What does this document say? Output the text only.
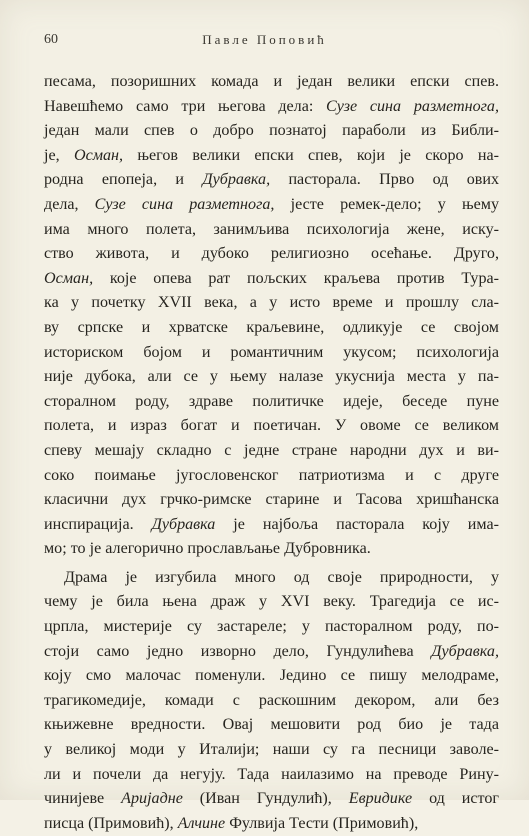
60	Павле Поповић
песама, позоришних комада и један велики епски спев.
Навешћемо само три његова дела: Сузе сина разметнога,
један мали спев о добро познатој параболи из Библи-
је, Осман, његов велики епски спев, који је скоро на-
родна епопеја, и Дубравка, пасторала. Прво од ових
дела, Сузе сина разметнога, јесте ремек-дело; у њему
има много полета, занимљива психологија жене, иску-
ство живота, и дубоко религиозно осећање. Друго,
Осман, које опева рат пољских краљева против Тура-
ка у почетку XVII века, а у исто време и прошлу сла-
ву српске и хрватске краљевине, одликује се својом
историском бојом и романтичним укусом; психологија
није дубока, али се у њему налазе укусниja места у па-
сторалном роду, здраве политичке идеје, беседе пуне
полета, и израз богат и поетичан. У овоме се великом
спеву мешају складно с једне стране народни дух и ви-
соко поимање југословенског патриотизма и с друге
класични дух грчко-римске старине и Тасова хришћанска
инспирација. Дубравка је најбоља пасторала коју има-
мо; то је алегорично прослављање Дубровника.
Драма је изгубила много од своје природности, у
чему је била њена драж у XVI веку. Трагедија се ис-
црпла, мистерије су застареле; у пасторалном роду, по-
стоји само једно изворно дело, Гундулићева Дубравка,
коју смо малочас поменули. Једино се пишу мелодраме,
трагикомедије, комади с раскошним декором, али без
књижевне вредности. Овај мешовити род био је тада
у великој моди у Италији; наши су га песници заволе-
ли и почели да негују. Тада наилазимо на преводе Рину-
чинијеве Аријадне (Иван Гундулић), Евридике од истог
писца (Примовић), Алчине Фулвија Тести (Примовић),
